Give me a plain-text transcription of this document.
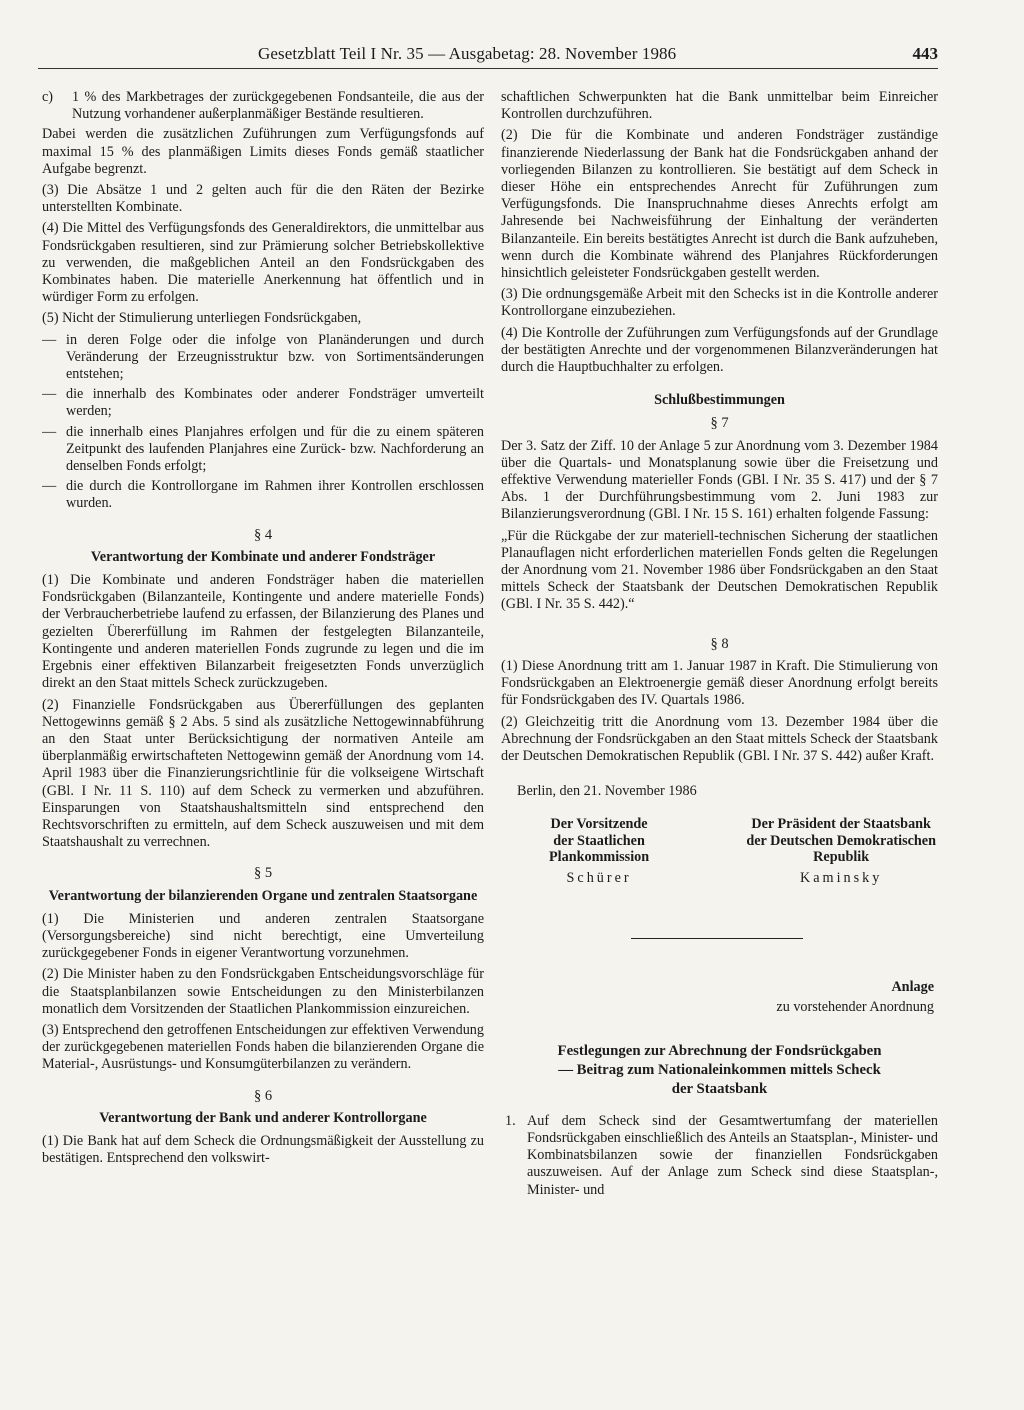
Gesetzblatt Teil I Nr. 35 — Ausgabetag: 28. November 1986	443
c) 1 % des Markbetrages der zurückgegebenen Fondsanteile, die aus der Nutzung vorhandener außerplanmäßiger Bestände resultieren.

Dabei werden die zusätzlichen Zuführungen zum Verfügungsfonds auf maximal 15 % des planmäßigen Limits dieses Fonds gemäß staatlicher Aufgabe begrenzt.

(3) Die Absätze 1 und 2 gelten auch für die den Räten der Bezirke unterstellten Kombinate.

(4) Die Mittel des Verfügungsfonds des Generaldirektors, die unmittelbar aus Fondsrückgaben resultieren, sind zur Prämierung solcher Betriebskollektive zu verwenden, die maßgeblichen Anteil an den Fondsrückgaben des Kombinates haben. Die materielle Anerkennung hat öffentlich und in würdiger Form zu erfolgen.

(5) Nicht der Stimulierung unterliegen Fondsrückgaben,

— in deren Folge oder die infolge von Planänderungen und durch Veränderung der Erzeugnisstruktur bzw. von Sortimentsänderungen entstehen;
— die innerhalb des Kombinates oder anderer Fondsträger umverteilt werden;
— die innerhalb eines Planjahres erfolgen und für die zu einem späteren Zeitpunkt des laufenden Planjahres eine Zurück- bzw. Nachforderung an denselben Fonds erfolgt;
— die durch die Kontrollorgane im Rahmen ihrer Kontrollen erschlossen wurden.
§ 4
Verantwortung der Kombinate und anderer Fondsträger

(1) Die Kombinate und anderen Fondsträger haben die materiellen Fondsrückgaben (Bilanzanteile, Kontingente und andere materielle Fonds) der Verbraucherbetriebe laufend zu erfassen, der Bilanzierung des Planes und gezielten Übererfüllung im Rahmen der festgelegten Bilanzanteile, Kontingente und anderen materiellen Fonds zugrunde zu legen und die im Ergebnis einer effektiven Bilanzarbeit freigesetzten Fonds unverzüglich direkt an den Staat mittels Scheck zurückzugeben.

(2) Finanzielle Fondsrückgaben aus Übererfüllungen des geplanten Nettogewinns gemäß § 2 Abs. 5 sind als zusätzliche Nettogewinnabführung an den Staat unter Berücksichtigung der normativen Anteile am überplanmäßig erwirtschafteten Nettogewinn gemäß der Anordnung vom 14. April 1983 über die Finanzierungsrichtlinie für die volkseigene Wirtschaft (GBl. I Nr. 11 S. 110) auf dem Scheck zu vermerken und abzuführen. Einsparungen von Staatshaushaltsmitteln sind entsprechend den Rechtsvorschriften zu ermitteln, auf dem Scheck auszuweisen und mit dem Staatshaushalt zu verrechnen.

§ 5
Verantwortung der bilanzierenden Organe und zentralen Staatsorgane

(1) Die Ministerien und anderen zentralen Staatsorgane (Versorgungsbereiche) sind nicht berechtigt, eine Umverteilung zurückgegebener Fonds in eigener Verantwortung vorzunehmen.

(2) Die Minister haben zu den Fondsrückgaben Entscheidungsvorschläge für die Staatsplanbilanzen sowie Entscheidungen zu den Ministerbilanzen monatlich dem Vorsitzenden der Staatlichen Plankommission einzureichen.

(3) Entsprechend den getroffenen Entscheidungen zur effektiven Verwendung der zurückgegebenen materiellen Fonds haben die bilanzierenden Organe die Material-, Ausrüstungs- und Konsumgüterbilanzen zu verändern.

§ 6
Verantwortung der Bank und anderer Kontrollorgane

(1) Die Bank hat auf dem Scheck die Ordnungsmäßigkeit der Ausstellung zu bestätigen. Entsprechend den volkswirt-

schaftlichen Schwerpunkten hat die Bank unmittelbar beim Einreicher Kontrollen durchzuführen.

(2) Die für die Kombinate und anderen Fondsträger zuständige finanzierende Niederlassung der Bank hat die Fondsrückgaben anhand der vorliegenden Bilanzen zu kontrollieren. Sie bestätigt auf dem Scheck in dieser Höhe ein entsprechendes Anrecht für Zuführungen zum Verfügungsfonds. Die Inanspruchnahme dieses Anrechts erfolgt am Jahresende bei Nachweisführung der Einhaltung der veränderten Bilanzanteile. Ein bereits bestätigtes Anrecht ist durch die Bank aufzuheben, wenn durch die Kombinate während des Planjahres Rückforderungen hinsichtlich geleisteter Fondsrückgaben gestellt werden.

(3) Die ordnungsgemäße Arbeit mit den Schecks ist in die Kontrolle anderer Kontrollorgane einzubeziehen.

(4) Die Kontrolle der Zuführungen zum Verfügungsfonds auf der Grundlage der bestätigten Anrechte und der vorgenommenen Bilanzveränderungen hat durch die Hauptbuchhalter zu erfolgen.

Schlußbestimmungen
§ 7

Der 3. Satz der Ziff. 10 der Anlage 5 zur Anordnung vom 3. Dezember 1984 über die Quartals- und Monatsplanung sowie über die Freisetzung und effektive Verwendung materieller Fonds (GBl. I Nr. 35 S. 417) und der § 7 Abs. 1 der Durchführungsbestimmung vom 2. Juni 1983 zur Bilanzierungsverordnung (GBl. I Nr. 15 S. 161) erhalten folgende Fassung:

„Für die Rückgabe der zur materiell-technischen Sicherung der staatlichen Planauflagen nicht erforderlichen materiellen Fonds gelten die Regelungen der Anordnung vom 21. November 1986 über Fondsrückgaben an den Staat mittels Scheck der Staatsbank der Deutschen Demokratischen Republik (GBl. I Nr. 35 S. 442).“

§ 8

(1) Diese Anordnung tritt am 1. Januar 1987 in Kraft. Die Stimulierung von Fondsrückgaben an Elektroenergie gemäß dieser Anordnung erfolgt bereits für Fondsrückgaben des IV. Quartals 1986.

(2) Gleichzeitig tritt die Anordnung vom 13. Dezember 1984 über die Abrechnung der Fondsrückgaben an den Staat mittels Scheck der Staatsbank der Deutschen Demokratischen Republik (GBl. I Nr. 37 S. 442) außer Kraft.

Berlin, den 21. November 1986
Der Vorsitzende
der Staatlichen
Plankommission
Schürer
Der Präsident der Staatsbank
der Deutschen Demokratischen
Republik
Kaminsky
Anlage
zu vorstehender Anordnung
Festlegungen zur Abrechnung der Fondsrückgaben
— Beitrag zum Nationaleinkommen mittels Scheck
der Staatsbank
1. Auf dem Scheck sind der Gesamtwertumfang der materiellen Fondsrückgaben einschließlich des Anteils an Staatsplan-, Minister- und Kombinatsbilanzen sowie der finanziellen Fondsrückgaben auszuweisen. Auf der Anlage zum Scheck sind diese Staatsplan-, Minister- und
